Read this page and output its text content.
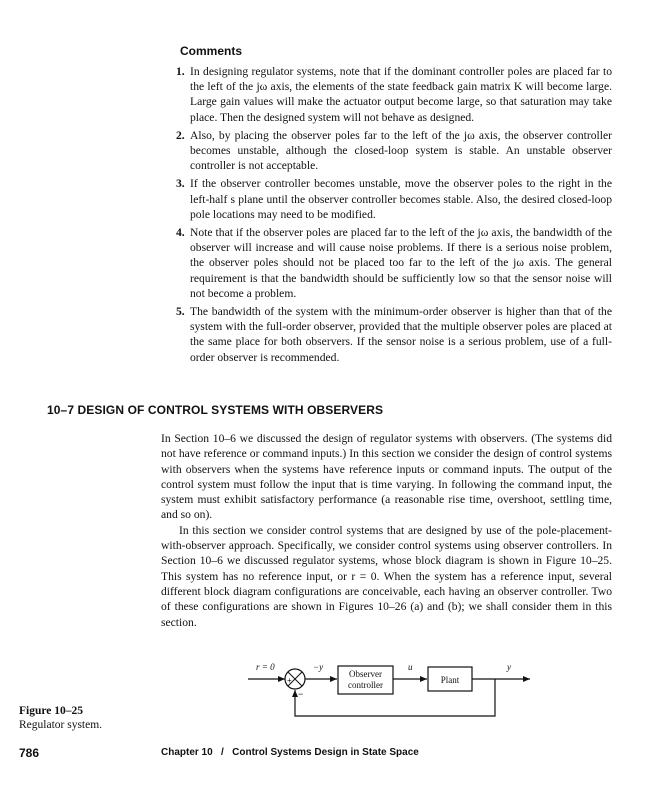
Comments
1. In designing regulator systems, note that if the dominant controller poles are placed far to the left of the jω axis, the elements of the state feedback gain matrix K will become large. Large gain values will make the actuator output become large, so that saturation may take place. Then the designed system will not behave as designed.
2. Also, by placing the observer poles far to the left of the jω axis, the observer controller becomes unstable, although the closed-loop system is stable. An unstable observer controller is not acceptable.
3. If the observer controller becomes unstable, move the observer poles to the right in the left-half s plane until the observer controller becomes stable. Also, the desired closed-loop pole locations may need to be modified.
4. Note that if the observer poles are placed far to the left of the jω axis, the bandwidth of the observer will increase and will cause noise problems. If there is a serious noise problem, the observer poles should not be placed too far to the left of the jω axis. The general requirement is that the bandwidth should be sufficiently low so that the sensor noise will not become a problem.
5. The bandwidth of the system with the minimum-order observer is higher than that of the system with the full-order observer, provided that the multiple observer poles are placed at the same place for both observers. If the sensor noise is a serious problem, use of a full-order observer is recommended.
10–7 DESIGN OF CONTROL SYSTEMS WITH OBSERVERS

In Section 10–6 we discussed the design of regulator systems with observers. (The systems did not have reference or command inputs.) In this section we consider the design of control systems with observers when the systems have reference inputs or command inputs. The output of the control system must follow the input that is time varying. In following the command input, the system must exhibit satisfactory performance (a reasonable rise time, overshoot, settling time, and so on).

In this section we consider control systems that are designed by use of the pole-placement-with-observer approach. Specifically, we consider control systems using observer controllers. In Section 10–6 we discussed regulator systems, whose block diagram is shown in Figure 10–25. This system has no reference input, or r = 0. When the system has a reference input, several different block diagram configurations are conceivable, each having an observer controller. Two of these configurations are shown in Figures 10–26 (a) and (b); we shall consider them in this section.

r = 0
+
−
−y
Observer
controller
u
Plant
y
Figure 10–25
Regulator system.
786	Chapter 10   /   Control Systems Design in State Space
